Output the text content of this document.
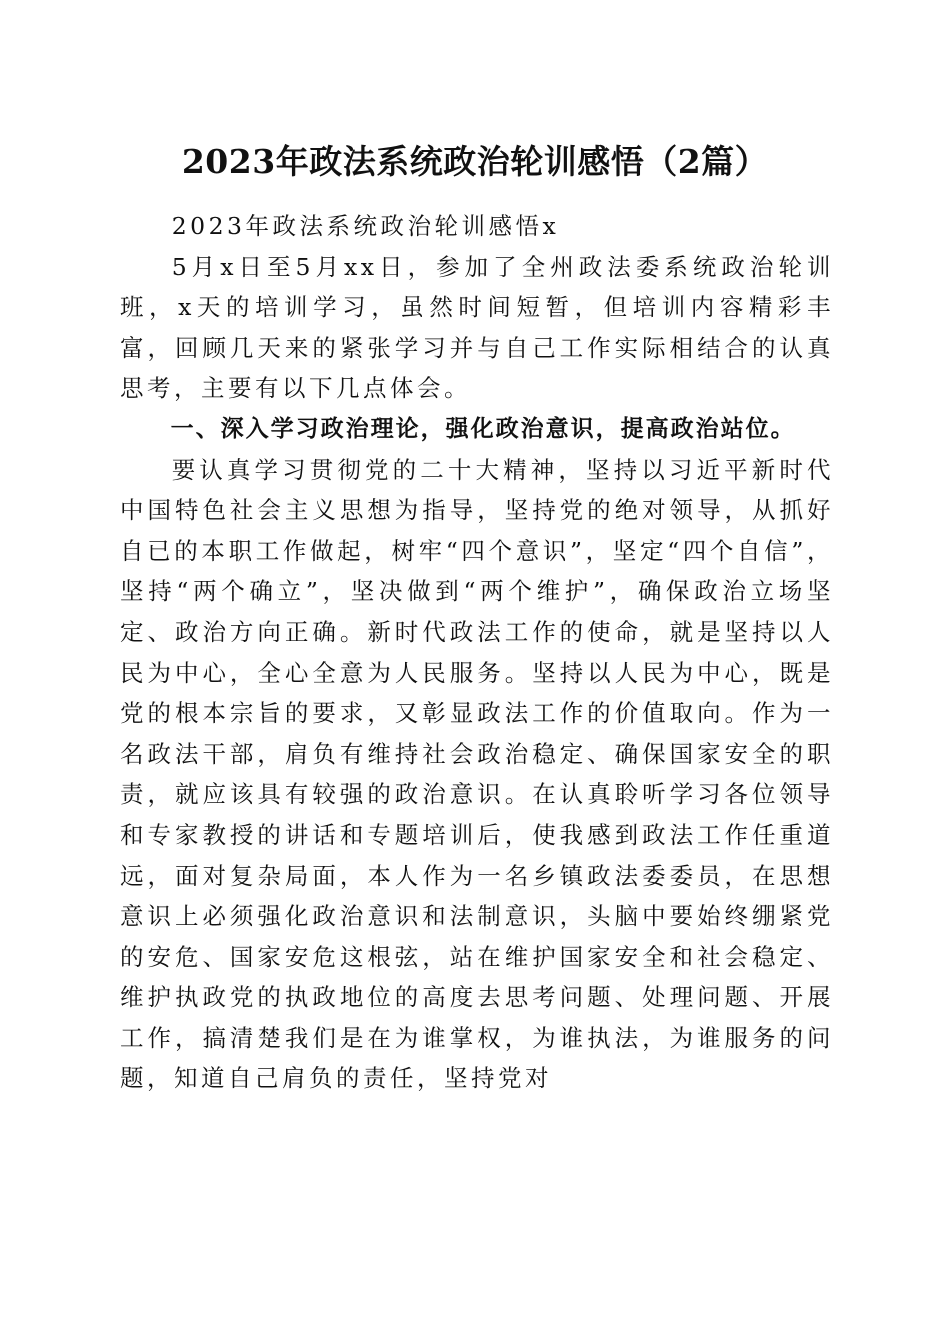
2023年政法系统政治轮训感悟（2篇）

2023年政法系统政治轮训感悟x

5月x日至5月xx日，参加了全州政法委系统政治轮训班，x天的培训学习，虽然时间短暂，但培训内容精彩丰富，回顾几天来的紧张学习并与自己工作实际相结合的认真思考，主要有以下几点体会。

一、深入学习政治理论，强化政治意识，提高政治站位。

要认真学习贯彻党的二十大精神，坚持以习近平新时代中国特色社会主义思想为指导，坚持党的绝对领导，从抓好自已的本职工作做起，树牢“四个意识”，坚定“四个自信”，坚持“两个确立”，坚决做到“两个维护”，确保政治立场坚定、政治方向正确。新时代政法工作的使命，就是坚持以人民为中心，全心全意为人民服务。坚持以人民为中心，既是党的根本宗旨的要求，又彰显政法工作的价值取向。作为一名政法干部，肩负有维持社会政治稳定、确保国家安全的职责，就应该具有较强的政治意识。在认真聆听学习各位领导和专家教授的讲话和专题培训后，使我感到政法工作任重道远，面对复杂局面，本人作为一名乡镇政法委委员，在思想意识上必须强化政治意识和法制意识，头脑中要始终绷紧党的安危、国家安危这根弦，站在维护国家安全和社会稳定、维护执政党的执政地位的高度去思考问题、处理问题、开展工作，搞清楚我们是在为谁掌权，为谁执法，为谁服务的问题，知道自己肩负的责任，坚持党对
